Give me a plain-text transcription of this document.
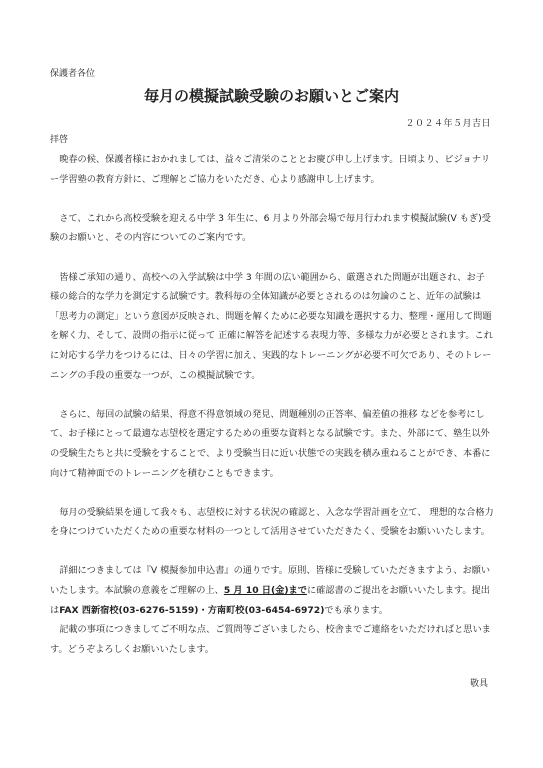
保護者各位
毎月の模擬試験受験のお願いとご案内
２０２４年５月吉日
拝啓

晩春の候、保護者様におかれましては、益々ご清栄のこととお慶び申し上げます。日頃より、ビジョナリー学習塾の教育方針に、ご理解とご協力をいただき、心より感謝申し上げます。

さて、これから高校受験を迎える中学 3 年生に、6 月より外部会場で毎月行われます模擬試験(V もぎ)受験のお願いと、その内容についてのご案内です。

皆様ご承知の通り、高校への入学試験は中学 3 年間の広い範囲から、厳選された問題が出題され、お子様の総合的な学力を測定する試験です。教科毎の全体知識が必要とされるのは勿論のこと、近年の試験は「思考力の測定」という意図が反映され、問題を解くために必要な知識を選択する力、整理・運用して問題を解く力、そして、設問の指示に従って 正確に解答を記述する表現力等、多様な力が必要とされます。これに対応する学力をつけるには、日々の学習に加え、実践的なトレーニングが必要不可欠であり、そのトレーニングの手段の重要な一つが、この模擬試験です。

さらに、毎回の試験の結果、得意不得意領域の発見、問題種別の正答率、偏差値の推移 などを参考にして、お子様にとって最適な志望校を選定するための重要な資料となる試験です。また、外部にて、塾生以外の受験生たちと共に受験をすることで、より受験当日に近い状態での実践を積み重ねることができ、本番に向けて精神面でのトレーニングを積むこともできます。

毎月の受験結果を通して我々も、志望校に対する状況の確認と、入念な学習計画を立て、 理想的な合格力を身につけていただくための重要な材料の一つとして活用させていただきたく、受験をお願いいたします。

詳細につきましては『V 模擬参加申込書』の通りです。原則、皆様に受験していただきますよう、お願いいたします。本試験の意義をご理解の上、5 月 10 日(金)までに確認書のご提出をお願いいたします。提出はFAX 西新宿校(03-6276-5159)・方南町校(03-6454-6972)でも承ります。

記載の事項につきましてご不明な点、ご質問等ございましたら、校舎までご連絡をいただければと思います。どうぞよろしくお願いいたします。

敬具
